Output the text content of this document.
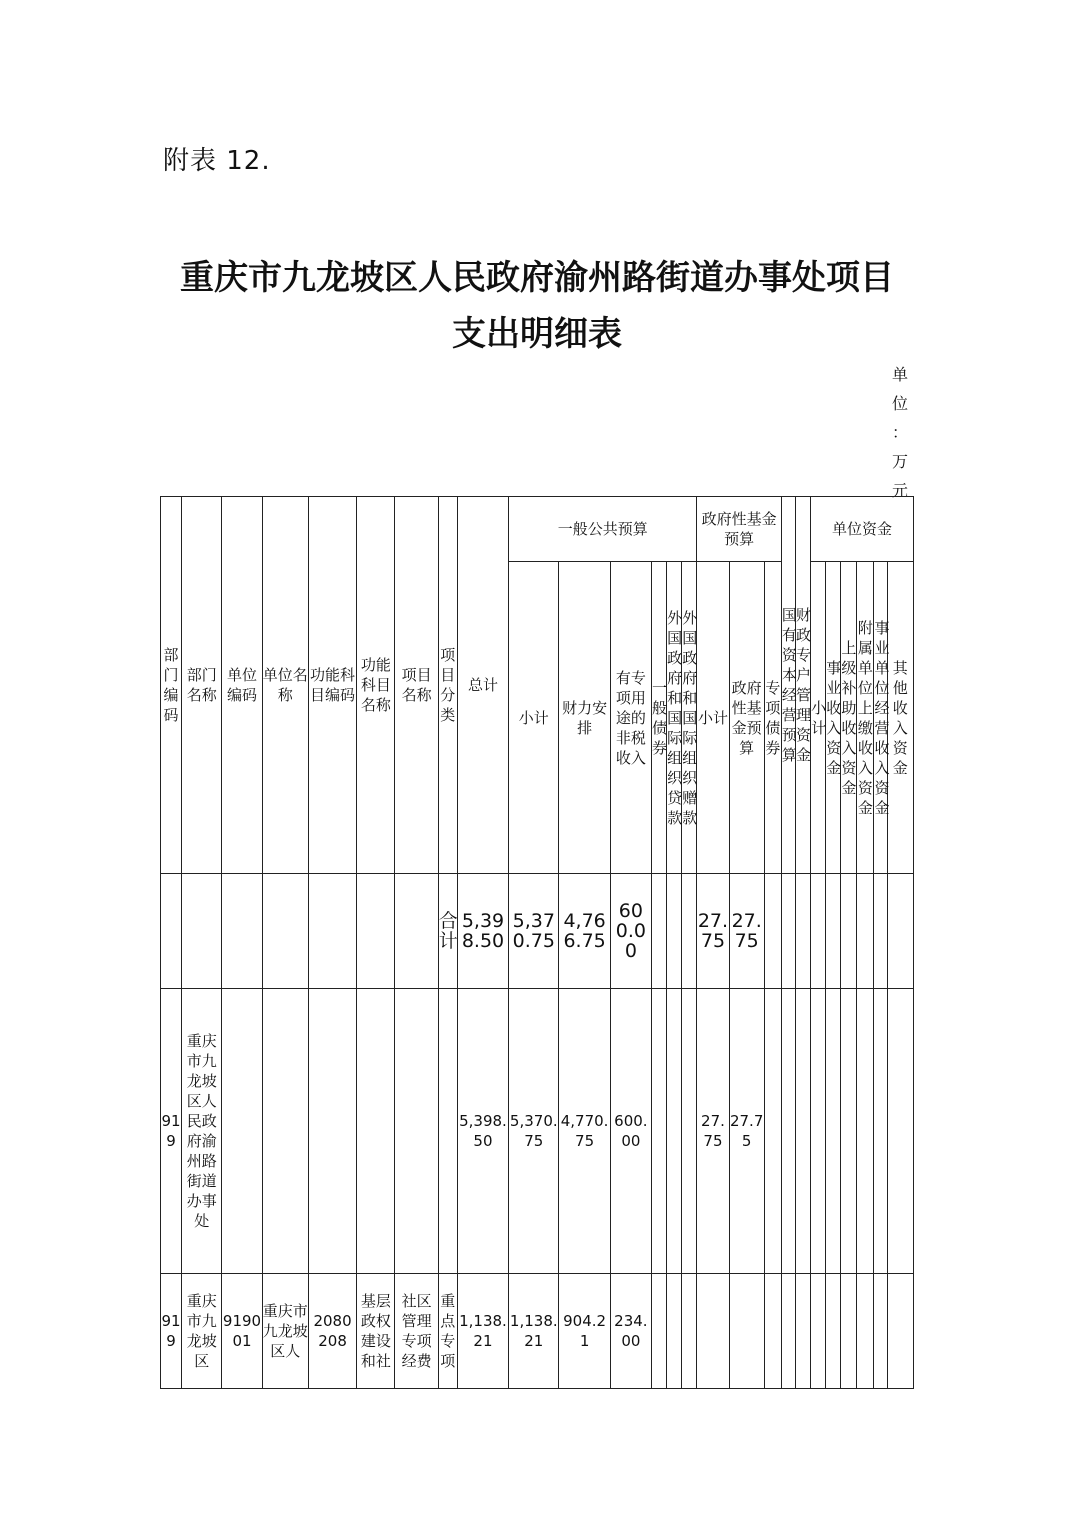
附表 12.
重庆市九龙坡区人民政府渝州路街道办事处项目
支出明细表
单
位
：
万
元
部门编码	部门名称	单位编码	单位名称	功能科目编码	功能科目名称	项目名称	项目分类	总计	一般公共预算						政府性基金预算			国有资本经营预算	财政专户管理资金	单位资金					
									小计	财力安排	有专项用途的非税收入	一般债券	外国政府和国际组织贷款	外国政府和国际组织赠款	小计	政府性基金预算	专项债券			小计	事业收入资金	上级补助收入资金	附属单位上缴收入资金	事业单位经营收入资金	其他收入资金
							合计	5,398.50	5,370.75	4,766.75	600.00				27.75	27.75									
919	重庆市九龙坡区人民政府渝州路街道办事处							5,398.50	5,370.75	4,770.75	600.00				27.75	27.75									
919	重庆市九龙坡区	919001	重庆市九龙坡区人	2080208	基层政权建设和社	社区管理专项经费	重点专项	1,138.21	1,138.21	904.21	234.00														
